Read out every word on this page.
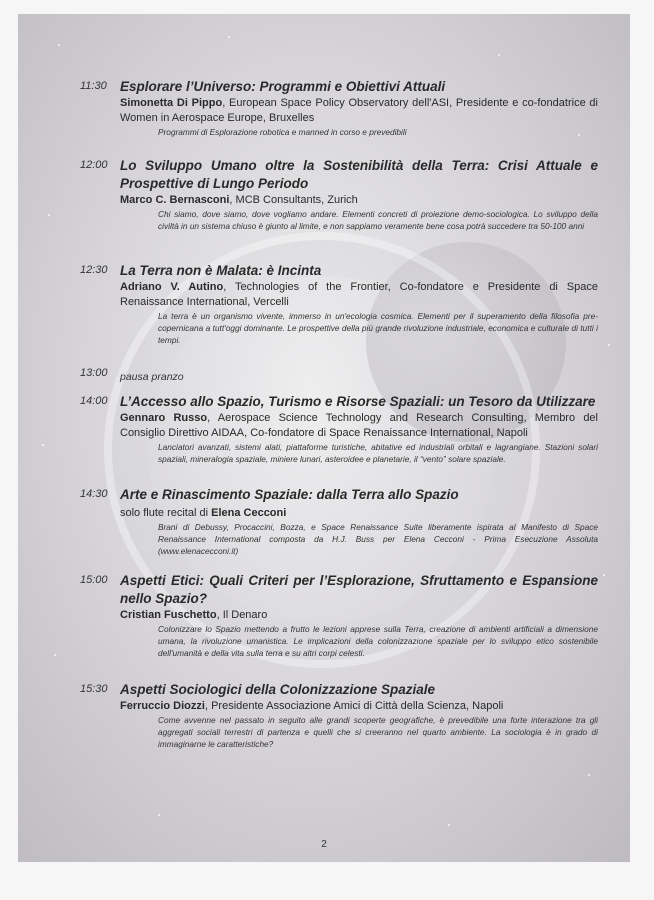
11:30 Esplorare l’Universo: Programmi e Obiettivi Attuali
Simonetta Di Pippo, European Space Policy Observatory dell'ASI, Presidente e co-fondatrice di Women in Aerospace Europe, Bruxelles
Programmi di Esplorazione robotica e manned in corso e prevedibili
12:00 Lo Sviluppo Umano oltre la Sostenibilità della Terra: Crisi Attuale e Prospettive di Lungo Periodo
Marco C. Bernasconi, MCB Consultants, Zurich
Chi siamo, dove siamo, dove vogliamo andare. Elementi concreti di proiezione demo-sociologica. Lo sviluppo della civiltà in un sistema chiuso è giunto al limite, e non sappiamo veramente bene cosa potrà succedere tra 50-100 anni
12:30 La Terra non è Malata: è Incinta
Adriano V. Autino, Technologies of the Frontier, Co-fondatore e Presidente di Space Renaissance International, Vercelli
La terra è un organismo vivente, immerso in un'ecologia cosmica. Elementi per il superamento della filosofia pre-copernicana a tutt'oggi dominante. Le prospettive della più grande rivoluzione industriale, economica e culturale di tutti i tempi.
13:00 pausa pranzo
14:00 L’Accesso allo Spazio, Turismo e Risorse Spaziali: un Tesoro da Utilizzare
Gennaro Russo, Aerospace Science Technology and Research Consulting, Membro del Consiglio Direttivo AIDAA, Co-fondatore di Space Renaissance International, Napoli
Lanciatori avanzati, sistemi alati, piattaforme turistiche, abitative ed industriali orbitali e lagrangiane. Stazioni solari spaziali, mineralogia spaziale, miniere lunari, asteroidee e planetarie, il “vento” solare spaziale.
14:30 Arte e Rinascimento Spaziale: dalla Terra allo Spazio
solo flute recital di Elena Cecconi
Brani di Debussy, Procaccini, Bozza, e Space Renaissance Suite liberamente ispirata al Manifesto di Space Renaissance International composta da H.J. Buss per Elena Cecconi - Prima Esecuzione Assoluta (www.elenacecconi.it)
15:00 Aspetti Etici: Quali Criteri per l’Esplorazione, Sfruttamento e Espansione nello Spazio?
Cristian Fuschetto, Il Denaro
Colonizzare lo Spazio mettendo a frutto le lezioni apprese sulla Terra, creazione di ambienti artificiali a dimensione umana, la rivoluzione umanistica. Le implicazioni della colonizzazione spaziale per lo sviluppo etico sostenibile dell'umanità e della vita sulla terra e su altri corpi celesti.
15:30 Aspetti Sociologici della Colonizzazione Spaziale
Ferruccio Diozzi, Presidente Associazione Amici di Città della Scienza, Napoli
Come avvenne nel passato in seguito alle grandi scoperte geografiche, è prevedibile una forte interazione tra gli aggregati sociali terrestri di partenza e quelli che si creeranno nel quarto ambiente. La sociologia è in grado di immaginarne le caratteristiche?
2
